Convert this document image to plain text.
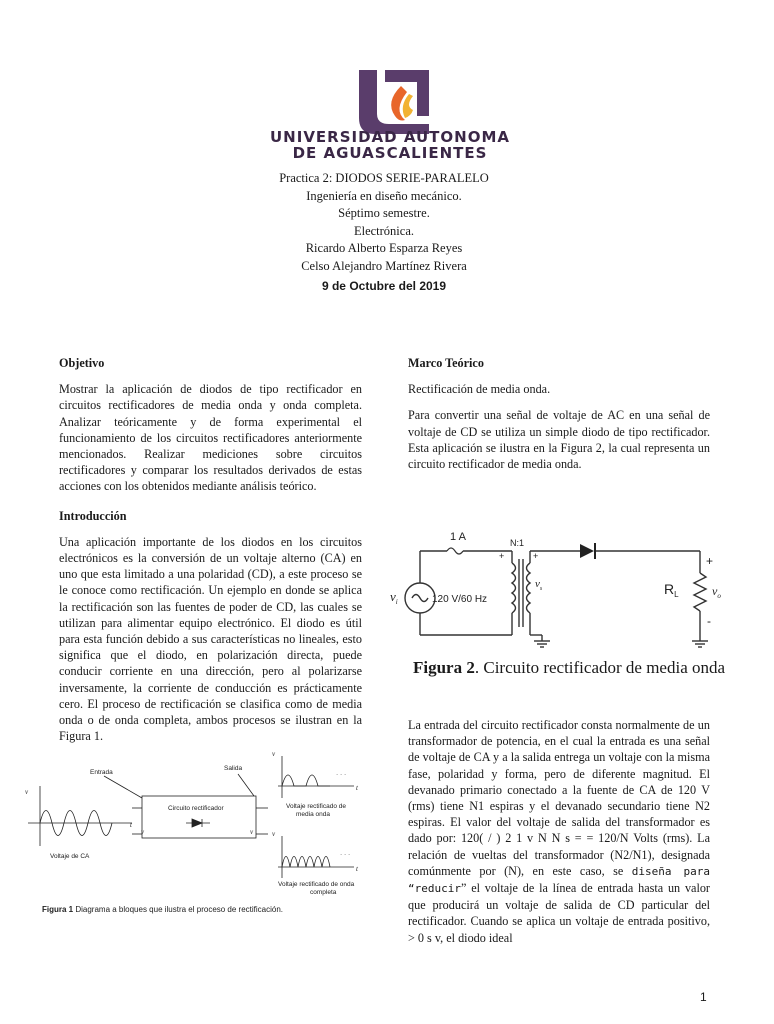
UNIVERSIDAD AUTONOMA
DE AGUASCALIENTES
Practica 2: DIODOS SERIE-PARALELO
Ingeniería en diseño mecánico.
Séptimo semestre.
Electrónica.
Ricardo Alberto Esparza Reyes
Celso Alejandro Martínez Rivera
9 de Octubre del 2019

Objetivo

Mostrar la aplicación de diodos de tipo rectificador en circuitos rectificadores de media onda y onda completa. Analizar teóricamente y de forma experimental el funcionamiento de los circuitos rectificadores anteriormente mencionados. Realizar mediciones sobre circuitos rectificadores y comparar los resultados derivados de estas acciones con los obtenidos mediante análisis teórico.

Introducción

Una aplicación importante de los diodos en los circuitos electrónicos es la conversión de un voltaje alterno (CA) en uno que esta limitado a una polaridad (CD), a este proceso se le conoce como rectificación. Un ejemplo en donde se aplica la rectificación son las fuentes de poder de CD, las cuales se utilizan para alimentar equipo electrónico. El diodo es útil para esta función debido a sus características no lineales, esto significa que el diodo, en polarización directa, puede conducir corriente en una dirección, pero al polarizarse inversamente, la corriente de conducción es prácticamente cero. El proceso de rectificación se clasifica como de media onda o de onda completa, ambos procesos se ilustran en la Figura 1.

Entrada
Salida
Circuito rectificador
Voltaje de CA
Voltaje rectificado de
media onda
Voltaje rectificado de onda
completa
· · ·
· · ·
v
v	v
v
v
t
t
t
Figura 1 Diagrama a bloques que ilustra el proceso de rectificación.

Marco Teórico

Rectificación de media onda.

Para convertir una señal de voltaje de AC en una señal de voltaje de CD se utiliza un simple diodo de tipo rectificador. Esta aplicación se ilustra en la Figura 2, la cual representa un circuito rectificador de media onda.

1 A	N:1
120 V/60 Hz
$R_L$
+	+	+
-
$v_i$
$v_s$	$v_o$
Figura 2. Circuito rectificador de media onda

La entrada del circuito rectificador consta normalmente de un transformador de potencia, en el cual la entrada es una señal de voltaje de CA y a la salida entrega un voltaje con la misma fase, polaridad y forma, pero de diferente magnitud. El devanado primario conectado a la fuente de CA de 120 V (rms) tiene N1 espiras y el devanado secundario tiene N2 espiras. El valor del voltaje de salida del transformador es dado por: 120( / ) 2 1 v N N s = = 120/N Volts (rms). La relación de vueltas del transformador (N2/N1), designada comúnmente por (N), en este caso, se diseña para “reducir” el voltaje de la línea de entrada hasta un valor que producirá un voltaje de salida de CD particular del rectificador. Cuando se aplica un voltaje de entrada positivo, > 0 s v, el diodo ideal

1
